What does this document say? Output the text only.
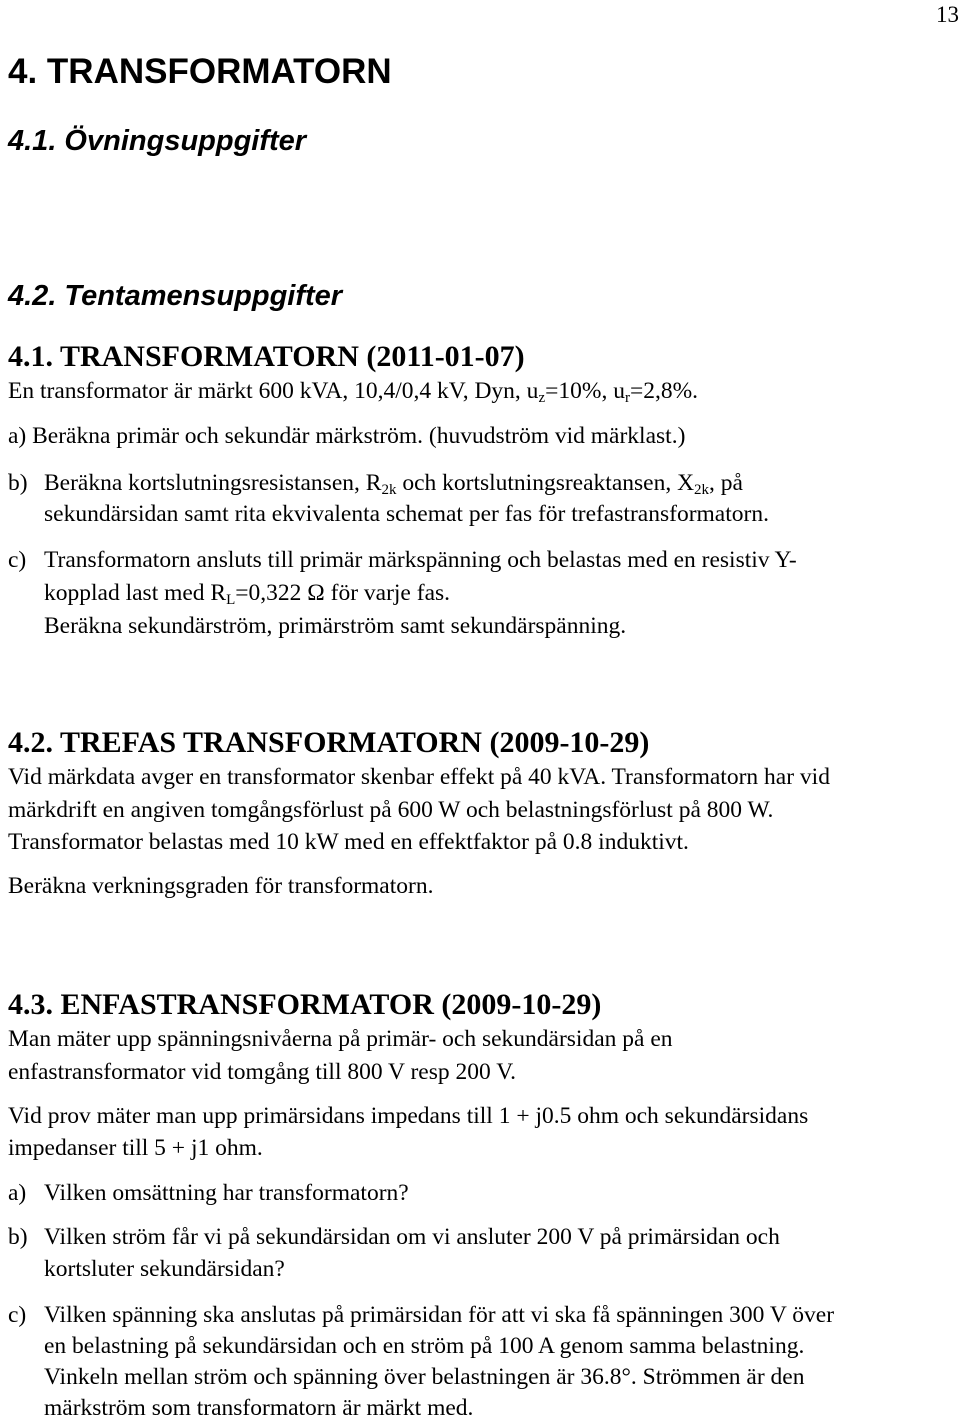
13
4. TRANSFORMATORN
4.1. Övningsuppgifter
4.2. Tentamensuppgifter
4.1. TRANSFORMATORN (2011-01-07)
En transformator är märkt 600 kVA, 10,4/0,4 kV, Dyn, $u_z=10\%$, $u_r=2,8\%$.
a) Beräkna primär och sekundär märkström. (huvudström vid märklast.)
b) Beräkna kortslutningsresistansen, $R_{2k}$ och kortslutningsreaktansen, $X_{2k}$, på
sekundärsidan samt rita ekvivalenta schemat per fas för trefastransformatorn.
c) Transformatorn ansluts till primär märkspänning och belastas med en resistiv Y-
kopplad last med $R_L=0,322$ Ω för varje fas.
Beräkna sekundärström, primärström samt sekundärspänning.
4.2. TREFAS TRANSFORMATORN (2009-10-29)
Vid märkdata avger en transformator skenbar effekt på 40 kVA. Transformatorn har vid
märkdrift en angiven tomgångsförlust på 600 W och belastningsförlust på 800 W.
Transformator belastas med 10 kW med en effektfaktor på 0.8 induktivt.
Beräkna verkningsgraden för transformatorn.
4.3. ENFASTRANSFORMATOR (2009-10-29)
Man mäter upp spänningsnivåerna på primär- och sekundärsidan på en
enfastransformator vid tomgång till 800 V resp 200 V.
Vid prov mäter man upp primärsidans impedans till 1 + j0.5 ohm och sekundärsidans
impedanser till 5 + j1 ohm.
a) Vilken omsättning har transformatorn?
b) Vilken ström får vi på sekundärsidan om vi ansluter 200 V på primärsidan och
kortsluter sekundärsidan?
c) Vilken spänning ska anslutas på primärsidan för att vi ska få spänningen 300 V över
en belastning på sekundärsidan och en ström på 100 A genom samma belastning.
Vinkeln mellan ström och spänning över belastningen är 36.8°. Strömmen är den
märkström som transformatorn är märkt med.
